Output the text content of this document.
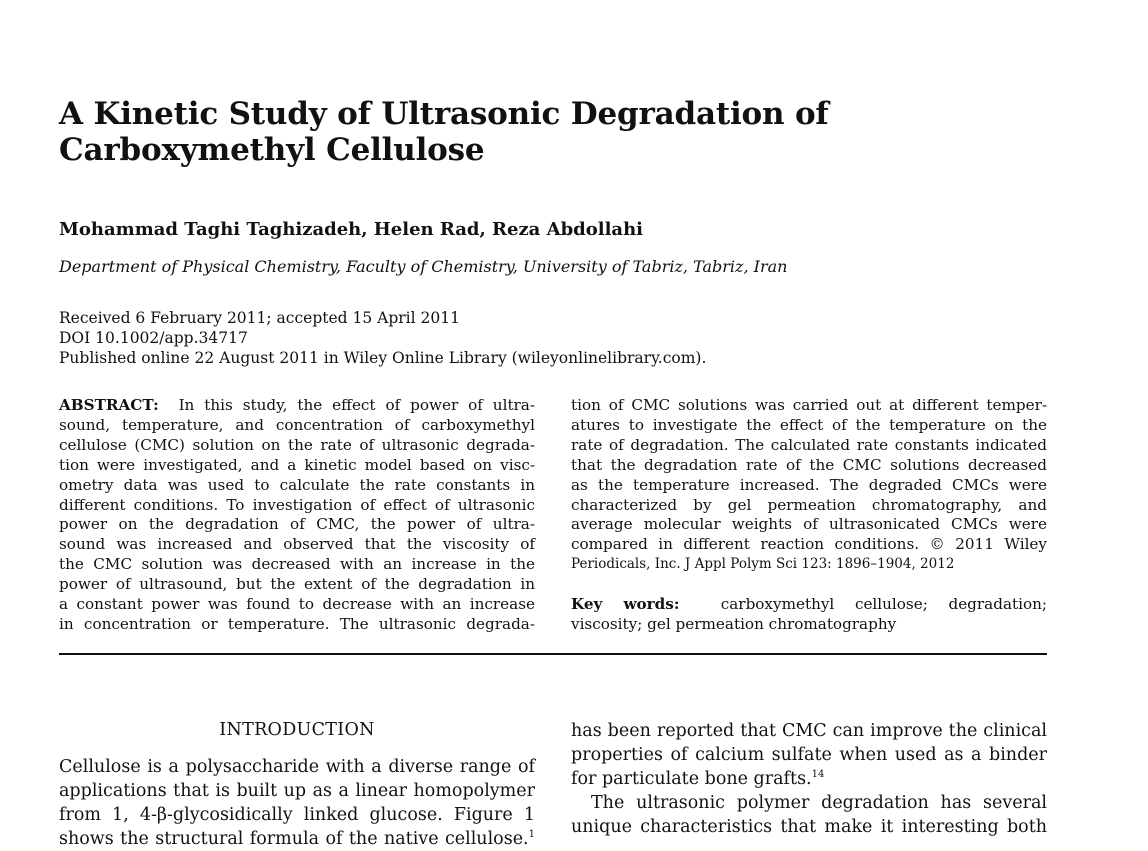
A Kinetic Study of Ultrasonic Degradation of
Carboxymethyl Cellulose
Mohammad Taghi Taghizadeh, Helen Rad, Reza Abdollahi
Department of Physical Chemistry, Faculty of Chemistry, University of Tabriz, Tabriz, Iran
Received 6 February 2011; accepted 15 April 2011
DOI 10.1002/app.34717
Published online 22 August 2011 in Wiley Online Library (wileyonlinelibrary.com).
ABSTRACT: In this study, the effect of power of ultra-
sound, temperature, and concentration of carboxymethyl
cellulose (CMC) solution on the rate of ultrasonic degrada-
tion were investigated, and a kinetic model based on visc-
ometry data was used to calculate the rate constants in
different conditions. To investigation of effect of ultrasonic
power on the degradation of CMC, the power of ultra-
sound was increased and observed that the viscosity of
the CMC solution was decreased with an increase in the
power of ultrasound, but the extent of the degradation in
a constant power was found to decrease with an increase
in concentration or temperature. The ultrasonic degrada-
tion of CMC solutions was carried out at different temper-
atures to investigate the effect of the temperature on the
rate of degradation. The calculated rate constants indicated
that the degradation rate of the CMC solutions decreased
as the temperature increased. The degraded CMCs were
characterized by gel permeation chromatography, and
average molecular weights of ultrasonicated CMCs were
compared in different reaction conditions. © 2011 Wiley
Periodicals, Inc. J Appl Polym Sci 123: 1896–1904, 2012
Key words:	carboxymethyl cellulose; degradation;
viscosity; gel permeation chromatography
INTRODUCTION
Cellulose is a polysaccharide with a diverse range of
applications that is built up as a linear homopolymer
from 1, 4-β-glycosidically linked glucose. Figure 1
shows the structural formula of the native cellulose.$^1$
has been reported that CMC can improve the clinical
properties of calcium sulfate when used as a binder
for particulate bone grafts.$^{14}$
The ultrasonic polymer degradation has several
unique characteristics that make it interesting both
